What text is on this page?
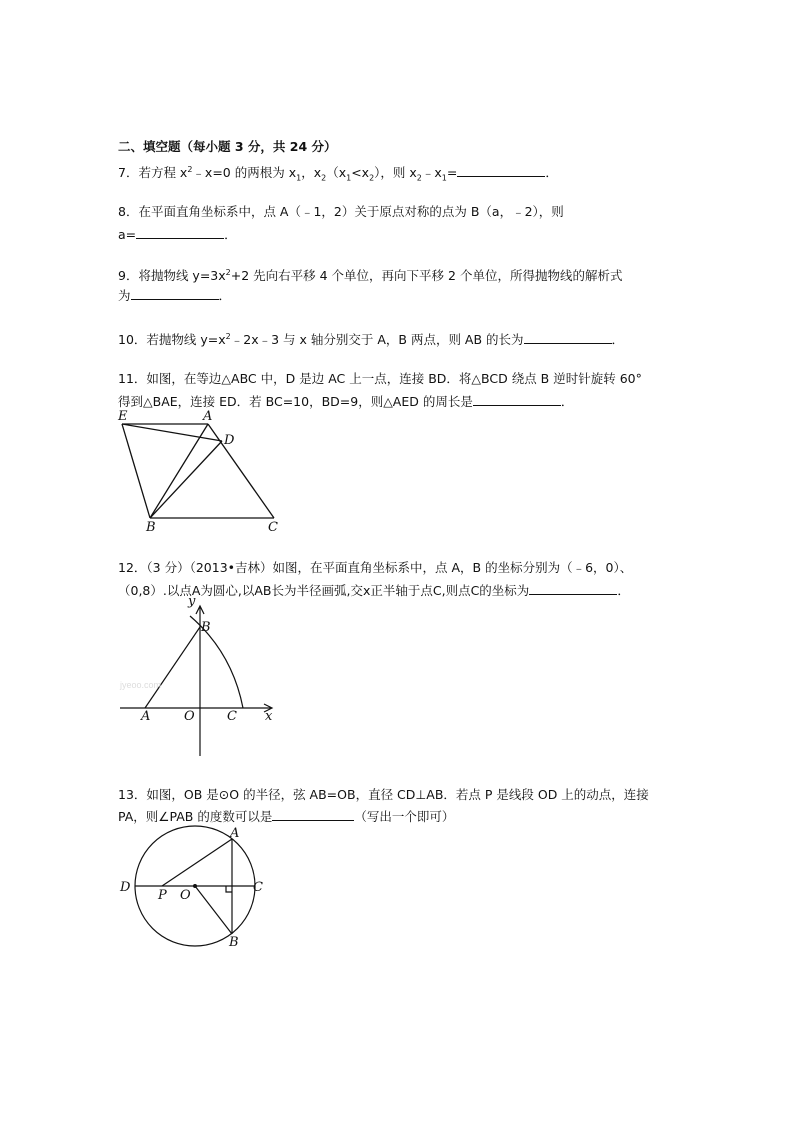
二、填空题（每小题 3 分，共 24 分）
7．若方程 $x^2﹣x=0$ 的两根为 $x_1$，$x_2(x_1<x_2)$，则 $x_2﹣x_1=$	．
8．在平面直角坐标系中，点 A（﹣1，2）关于原点对称的点为 B（a，﹣2），则
a=	．
9．将抛物线 $y=3x^2+2$ 先向右平移 4 个单位，再向下平移 2 个单位，所得抛物线的解析式
为	．
10．若抛物线 $y=x^2﹣2x﹣3$ 与 x 轴分别交于 A，B 两点，则 AB 的长为	．
11．如图，在等边△ABC 中，D 是边 AC 上一点，连接 BD．将△BCD 绕点 B 逆时针旋转 60°
得到△BAE，连接 ED．若 BC=10，BD=9，则△AED 的周长是	．
E	A
D
B	C
12．（3 分）（2013•吉林）如图，在平面直角坐标系中，点 A，B 的坐标分别为（﹣6，0）、
（0,8）.以点A为圆心,以AB长为半径画弧,交x正半轴于点C,则点C的坐标为	．
jyeoo.com
y
B
A	O C x
13．如图，OB 是⊙O 的半径，弦 AB=OB，直径 CD⊥AB．若点 P 是线段 OD 上的动点，连接
PA，则∠PAB 的度数可以是	（写出一个即可）
A
D
P O
C
B
